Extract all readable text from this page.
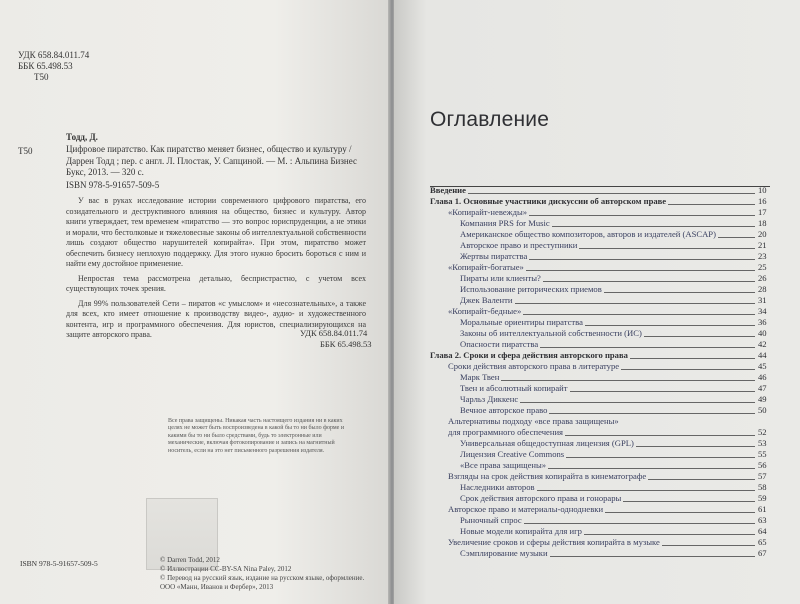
УДК 658.84.011.74
ББК 65.498.53
Т50
Т50
Тодд, Д.
Цифровое пиратство. Как пиратство меняет бизнес, общество и культуру / Даррен Тодд ; пер. с англ. Л. Плостак, У. Сапциной. — М. : Альпина Бизнес Букс, 2013. — 320 с.
ISBN 978-5-91657-509-5

У вас в руках исследование истории современного цифрового пиратства, его созидательного и деструктивного влияния на общество, бизнес и культуру. Автор книги утверждает, тем временем «пиратство — это вопрос юриспруденции, а не этики и морали, что бестолковые и тяжеловесные законы об интеллектуальной собственности лишь создают общество нарушителей копирайта». При этом, пиратство может обеспечить бизнесу неплохую поддержку. Для этого нужно бросить бороться с ним и найти ему достойное применение.

Непростая тема рассмотрена детально, беспристрастно, с учетом всех существующих точек зрения.

Для 99% пользователей Сети – пиратов «с умыслом» и «несознательных», а также для всех, кто имеет отношение к производству видео-, аудио- и художественного контента, игр и программного обеспечения. Для юристов, специализирующихся на защите авторского права.	УДК 658.84.011.74
ББК 65.498.53
Все права защищены. Никакая часть настоящего издания ни в каких целях не может быть воспроизведена в какой бы то ни было форме и какими бы то ни было средствами, будь то электронные или механические, включая фотокопирование и запись на магнитный носитель, если на это нет письменного разрешения издателя.
ISBN 978-5-91657-509-5	© Darren Todd, 2012
© Иллюстрации CC-BY-SA Nina Paley, 2012
© Перевод на русский язык, издание на русском языке, оформление. ООО «Манн, Иванов и Фербер», 2013
Оглавление
Введение	10
Глава 1. Основные участники дискуссии об авторском праве	16
«Копирайт-невежды»	17
Компания PRS for Music	18
Американское общество композиторов, авторов и издателей (ASCAP)	20
Авторское право и преступники	21
Жертвы пиратства	23
«Копирайт-богатые»	25
Пираты или клиенты?	26
Использование риторических приемов	28
Джек Валенти	31
«Копирайт-бедные»	34
Моральные ориентиры пиратства	36
Законы об интеллектуальной собственности (ИС)	40
Опасности пиратства	42
Глава 2. Сроки и сфера действия авторского права	44
Сроки действия авторского права в литературе	45
Марк Твен	46
Твен и абсолютный копирайт	47
Чарльз Диккенс	49
Вечное авторское право	50
Альтернативы подходу «все права защищены»
для программного обеспечения	52
Универсальная общедоступная лицензия (GPL)	53
Лицензия Creative Commons	55
«Все права защищены»	56
Взгляды на срок действия копирайта в кинематографе	57
Наследники авторов	58
Срок действия авторского права и гонорары	59
Авторское право и материалы-однодневки	61
Рыночный спрос	63
Новые модели копирайта для игр	64
Увеличение сроков и сферы действия копирайта в музыке	65
Сэмплирование музыки	67
